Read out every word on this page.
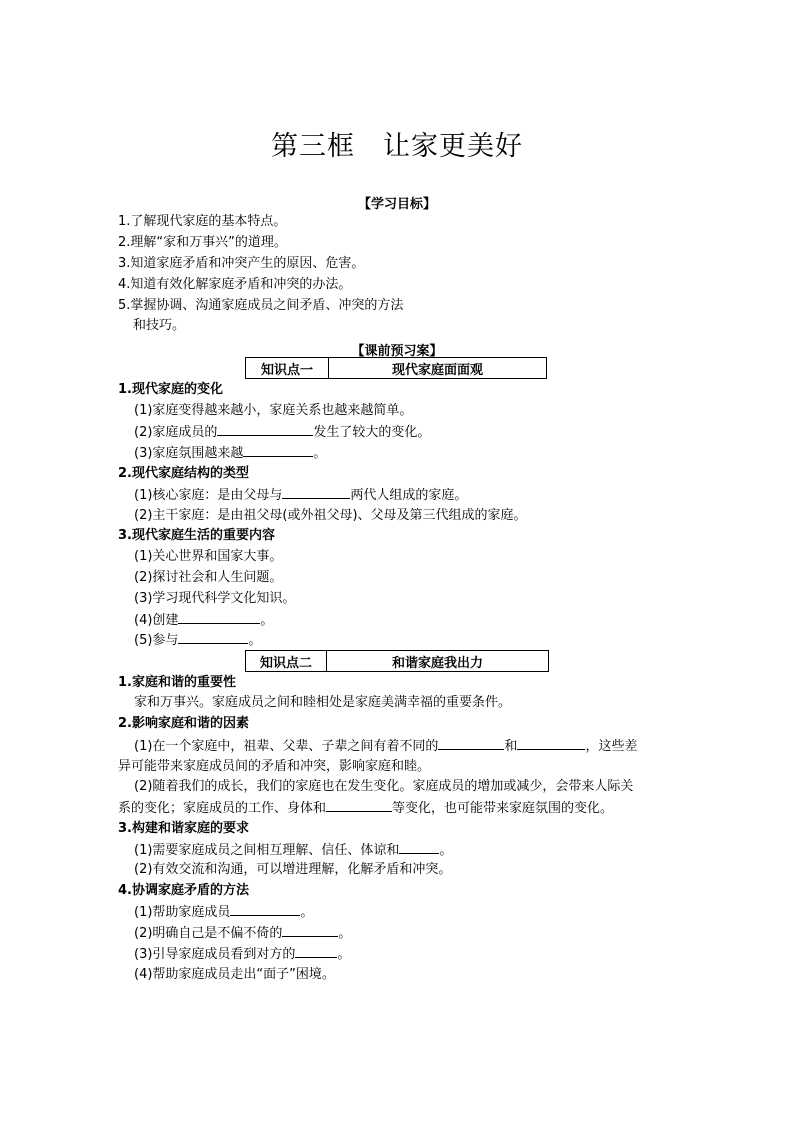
第三框　让家更美好
【学习目标】
1.了解现代家庭的基本特点。
2.理解“家和万事兴”的道理。
3.知道家庭矛盾和冲突产生的原因、危害。
4.知道有效化解家庭矛盾和冲突的办法。
5.掌握协调、沟通家庭成员之间矛盾、冲突的方法
和技巧。
【课前预习案】
知识点一	现代家庭面面观
1.现代家庭的变化
(1)家庭变得越来越小，家庭关系也越来越简单。
(2)家庭成员的	发生了较大的变化。
(3)家庭氛围越来越	。
2.现代家庭结构的类型
(1)核心家庭：是由父母与	两代人组成的家庭。
(2)主干家庭：是由祖父母(或外祖父母)、父母及第三代组成的家庭。
3.现代家庭生活的重要内容
(1)关心世界和国家大事。
(2)探讨社会和人生问题。
(3)学习现代科学文化知识。
(4)创建	。
(5)参与	。
知识点二	和谐家庭我出力
1.家庭和谐的重要性
家和万事兴。家庭成员之间和睦相处是家庭美满幸福的重要条件。
2.影响家庭和谐的因素
(1)在一个家庭中，祖辈、父辈、子辈之间有着不同的	和	，这些差
异可能带来家庭成员间的矛盾和冲突，影响家庭和睦。
(2)随着我们的成长，我们的家庭也在发生变化。家庭成员的增加或减少，会带来人际关
系的变化；家庭成员的工作、身体和	等变化，也可能带来家庭氛围的变化。
3.构建和谐家庭的要求
(1)需要家庭成员之间相互理解、信任、体谅和	。
(2)有效交流和沟通，可以增进理解，化解矛盾和冲突。
4.协调家庭矛盾的方法
(1)帮助家庭成员	。
(2)明确自己是不偏不倚的	。
(3)引导家庭成员看到对方的	。
(4)帮助家庭成员走出“面子”困境。
